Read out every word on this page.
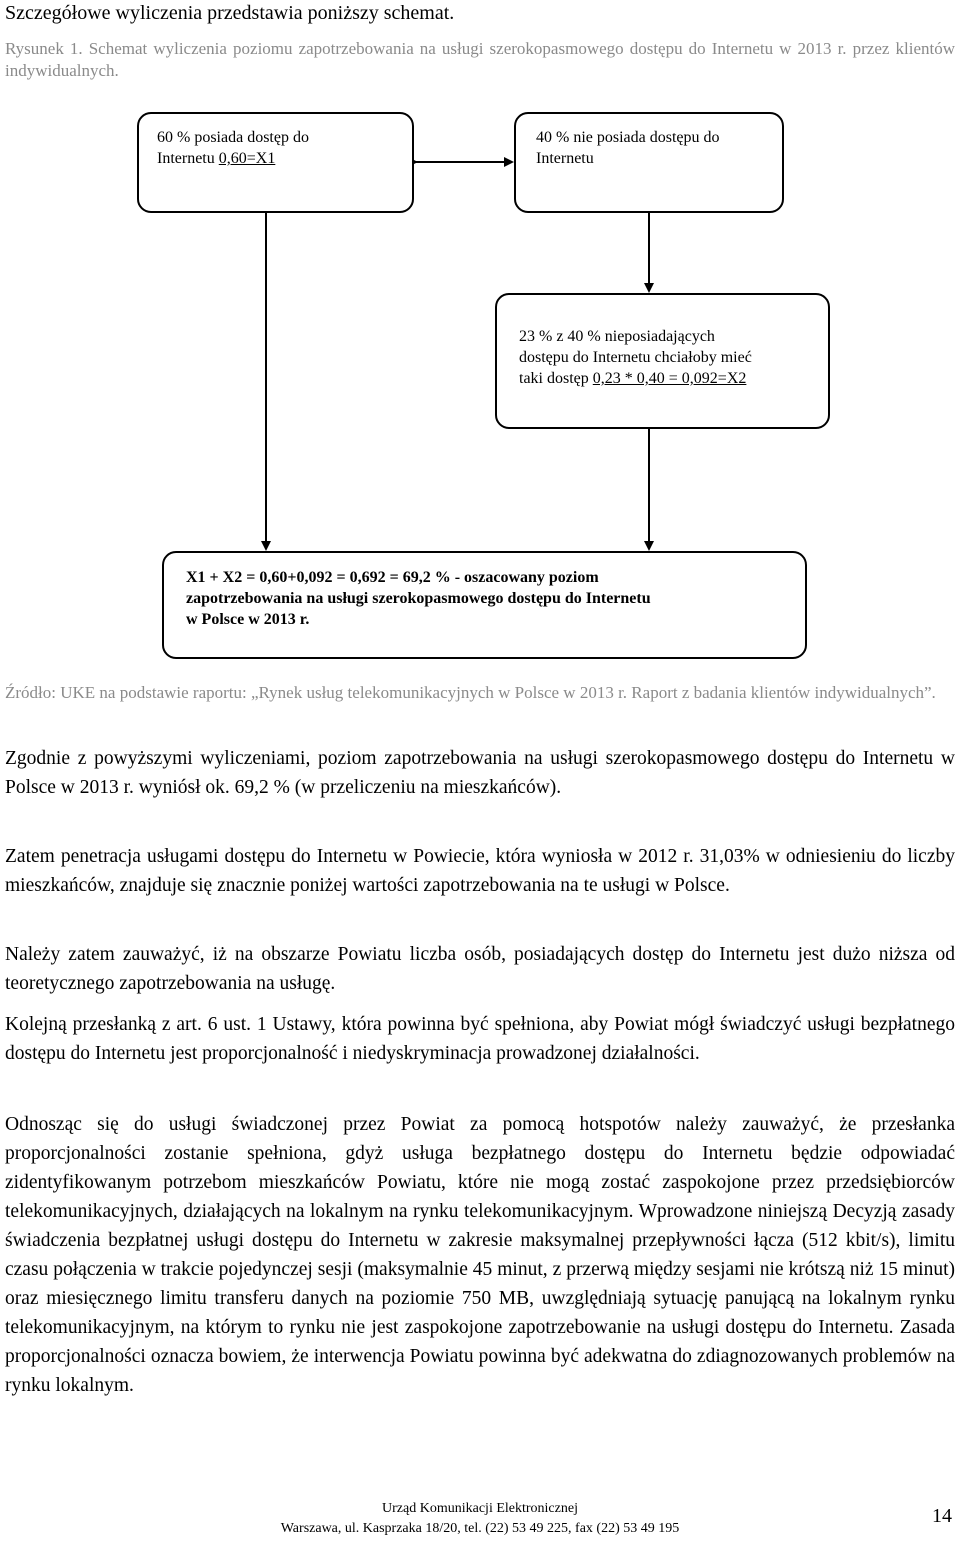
Szczegółowe wyliczenia przedstawia poniższy schemat.
Rysunek 1. Schemat wyliczenia poziomu zapotrzebowania na usługi szerokopasmowego dostępu do Internetu w 2013 r. przez klientów indywidualnych.
60 % posiada dostęp do
Internetu 0,60=X1
40 % nie posiada dostępu do
Internetu
23 % z 40 % nieposiadających
dostępu do Internetu chciałoby mieć
taki dostęp 0,23 * 0,40 = 0,092=X2
X1 + X2 = 0,60+0,092 = 0,692 = 69,2 % - oszacowany poziom
zapotrzebowania na usługi szerokopasmowego dostępu do Internetu
w Polsce w 2013 r.
Źródło: UKE na podstawie raportu: „Rynek usług telekomunikacyjnych w Polsce w 2013 r. Raport z badania klientów indywidualnych”.
Zgodnie z powyższymi wyliczeniami, poziom zapotrzebowania na usługi szerokopasmowego dostępu do Internetu w Polsce w 2013 r. wyniósł ok. 69,2 % (w przeliczeniu na mieszkańców).
Zatem penetracja usługami dostępu do Internetu w Powiecie, która wyniosła w 2012 r. 31,03% w odniesieniu do liczby mieszkańców, znajduje się znacznie poniżej wartości zapotrzebowania na te usługi w Polsce.
Należy zatem zauważyć, iż na obszarze Powiatu liczba osób, posiadających dostęp do Internetu jest dużo niższa od teoretycznego zapotrzebowania na usługę.
Kolejną przesłanką z art. 6 ust. 1 Ustawy, która powinna być spełniona, aby Powiat mógł świadczyć usługi bezpłatnego dostępu do Internetu jest proporcjonalność i niedyskryminacja prowadzonej działalności.
Odnosząc się do usługi świadczonej przez Powiat za pomocą hotspotów należy zauważyć, że przesłanka proporcjonalności zostanie spełniona, gdyż usługa bezpłatnego dostępu do Internetu będzie odpowiadać zidentyfikowanym potrzebom mieszkańców Powiatu, które nie mogą zostać zaspokojone przez przedsiębiorców telekomunikacyjnych, działających na lokalnym na rynku telekomunikacyjnym. Wprowadzone niniejszą Decyzją zasady świadczenia bezpłatnej usługi dostępu do Internetu w zakresie maksymalnej przepływności łącza (512 kbit/s), limitu czasu połączenia w trakcie pojedynczej sesji (maksymalnie 45 minut, z przerwą między sesjami nie krótszą niż 15 minut) oraz miesięcznego limitu transferu danych na poziomie 750 MB, uwzględniają sytuację panującą na lokalnym rynku telekomunikacyjnym, na którym to rynku nie jest zaspokojone zapotrzebowanie na usługi dostępu do Internetu. Zasada proporcjonalności oznacza bowiem, że interwencja Powiatu powinna być adekwatna do zdiagnozowanych problemów na rynku lokalnym.
Urząd Komunikacji Elektronicznej
Warszawa, ul. Kasprzaka 18/20, tel. (22) 53 49 225, fax (22) 53 49 195
14
